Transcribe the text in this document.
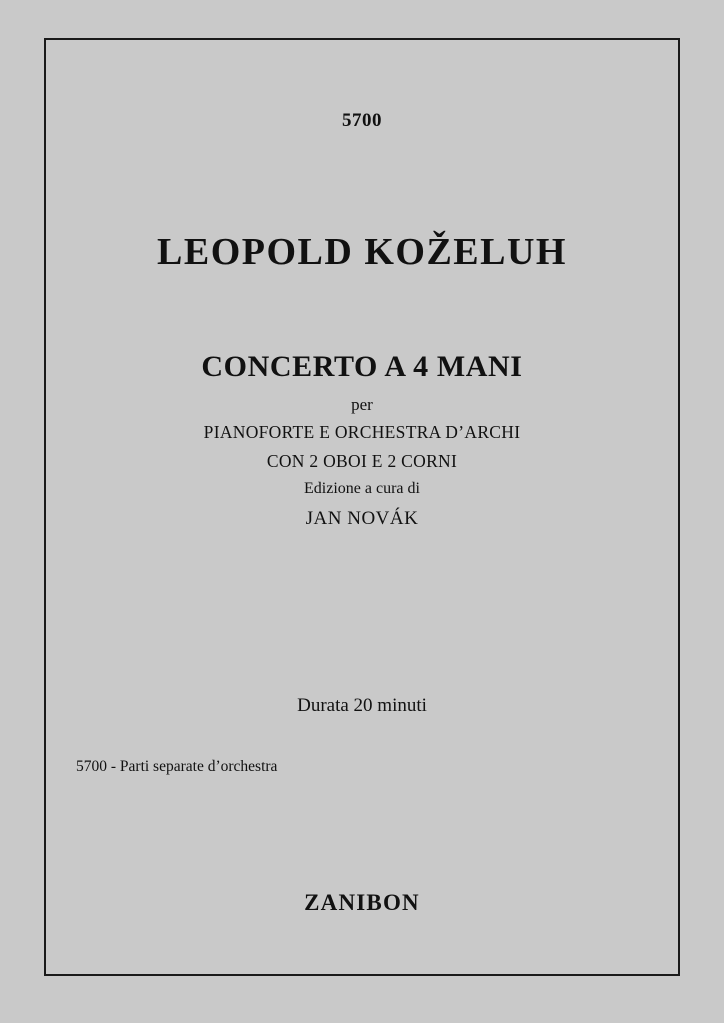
5700
LEOPOLD KOŽELUH
CONCERTO A 4 MANI
per
PIANOFORTE E ORCHESTRA D’ARCHI
CON 2 OBOI E 2 CORNI
Edizione a cura di
JAN NOVÁK
Durata 20 minuti
5700 - Parti separate d’orchestra
ZANIBON
